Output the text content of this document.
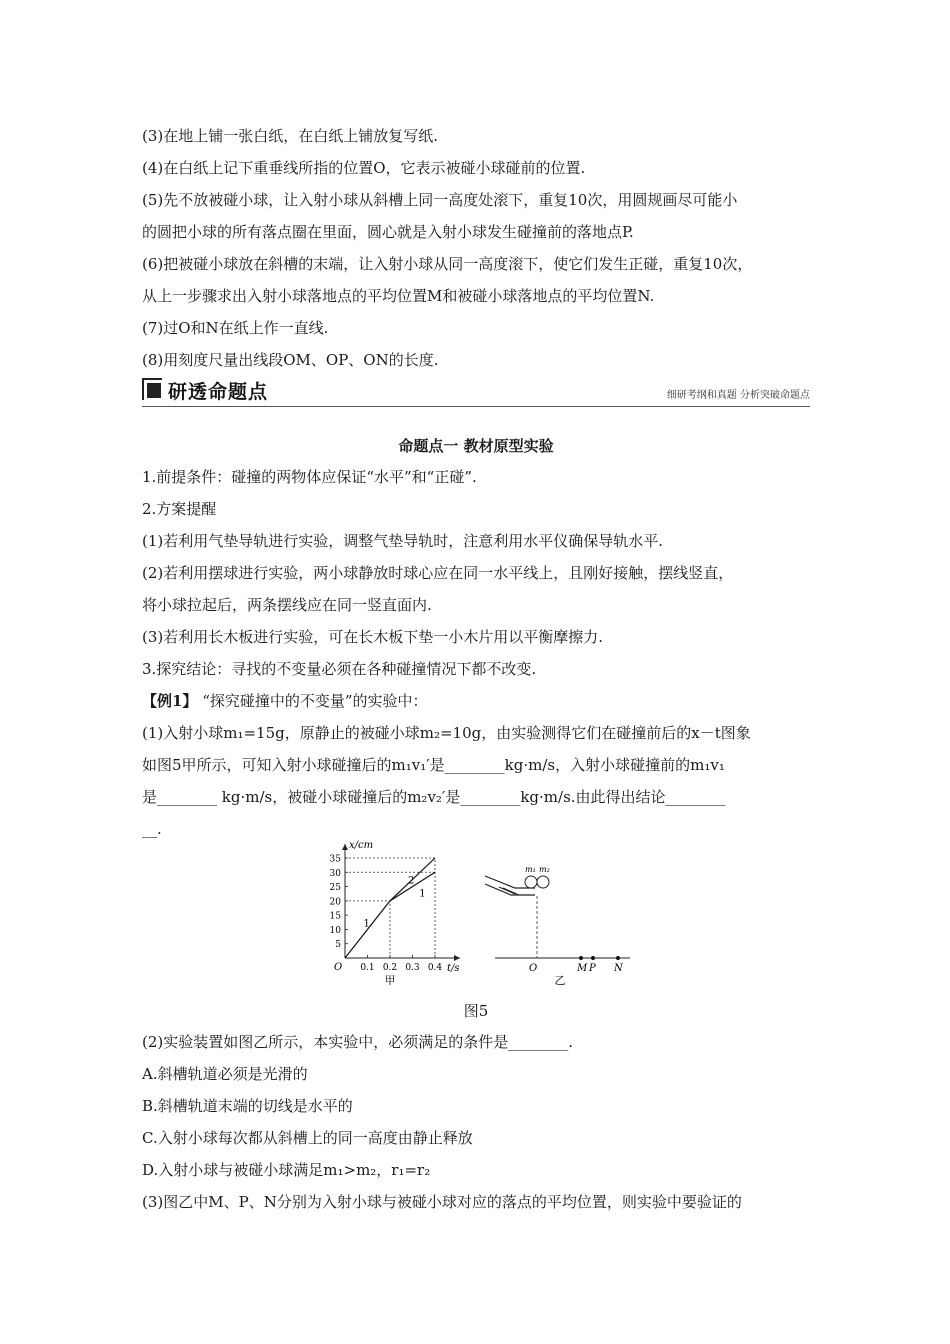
(3)在地上铺一张白纸，在白纸上铺放复写纸.
(4)在白纸上记下重垂线所指的位置O，它表示被碰小球碰前的位置.
(5)先不放被碰小球，让入射小球从斜槽上同一高度处滚下，重复10次，用圆规画尽可能小
的圆把小球的所有落点圈在里面，圆心就是入射小球发生碰撞前的落地点P.
(6)把被碰小球放在斜槽的末端，让入射小球从同一高度滚下，使它们发生正碰，重复10次，
从上一步骤求出入射小球落地点的平均位置M和被碰小球落地点的平均位置N.
(7)过O和N在纸上作一直线.
(8)用刻度尺量出线段OM、OP、ON的长度.
研透命题点	细研考纲和真题 分析突破命题点
命题点一 教材原型实验
1.前提条件：碰撞的两物体应保证“水平”和“正碰”.
2.方案提醒
(1)若利用气垫导轨进行实验，调整气垫导轨时，注意利用水平仪确保导轨水平.
(2)若利用摆球进行实验，两小球静放时球心应在同一水平线上，且刚好接触，摆线竖直，
将小球拉起后，两条摆线应在同一竖直面内.
(3)若利用长木板进行实验，可在长木板下垫一小木片用以平衡摩擦力.
3.探究结论：寻找的不变量必须在各种碰撞情况下都不改变.
【例1】 “探究碰撞中的不变量”的实验中：
(1)入射小球m₁=15g，原静止的被碰小球m₂=10g，由实验测得它们在碰撞前后的x－t图象
如图5甲所示，可知入射小球碰撞后的m₁v₁′是________kg·m/s，入射小球碰撞前的m₁v₁
是________ kg·m/s，被碰小球碰撞后的m₂v₂′是________kg·m/s.由此得出结论________
__.
x/cm
t/s
O
5
10
15
20
25
30
35
0.1 0.2 0.3 0.4
1
2
1
甲
m₁ m₂
O	M P N
乙
图5
(2)实验装置如图乙所示，本实验中，必须满足的条件是________.
A.斜槽轨道必须是光滑的
B.斜槽轨道末端的切线是水平的
C.入射小球每次都从斜槽上的同一高度由静止释放
D.入射小球与被碰小球满足m₁>m₂，r₁=r₂
(3)图乙中M、P、N分别为入射小球与被碰小球对应的落点的平均位置，则实验中要验证的
